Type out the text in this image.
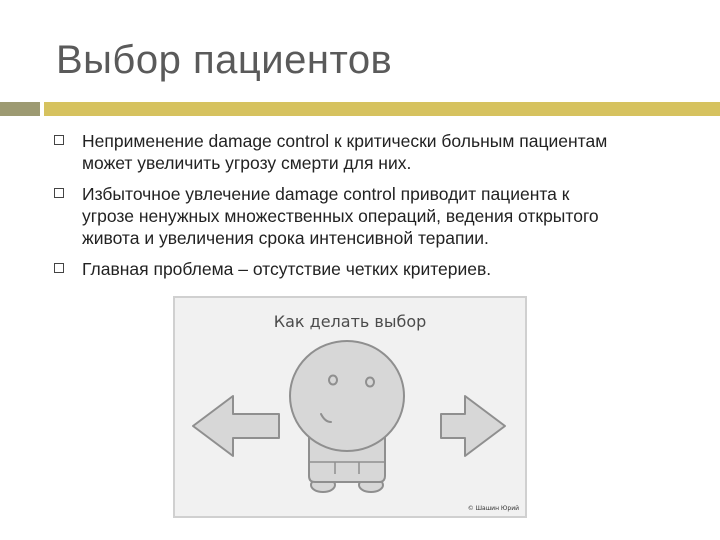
Выбор пациентов
Неприменение damage control к критически больным пациентам
может увеличить угрозу смерти для них.
Избыточное увлечение damage control приводит пациента к
угрозе ненужных множественных операций, ведения открытого
живота и увеличения срока интенсивной терапии.
Главная проблема – отсутствие четких критериев.
Как делать выбор
© Шашин Юрий
